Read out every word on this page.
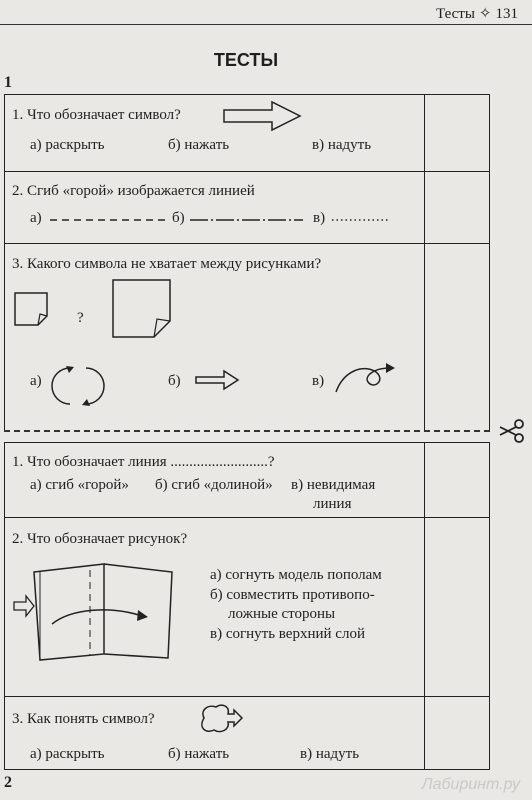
Тесты ✧ 131
ТЕСТЫ
1
1. Что обозначает символ?
а) раскрыть	б) нажать	в) надуть
2. Сгиб «горой» изображается линией
а)	б)	в)
3. Какого символа не хватает между рисунками?
?
а)	б)	в)
1. Что обозначает линия ..........................?
а) сгиб «горой» б) сгиб «долиной» в) невидимая
линия
2. Что обозначает рисунок?
а) согнуть модель пополам
б) совместить противопо-
ложные стороны
в) согнуть верхний слой
3. Как понять символ?
а) раскрыть	б) нажать	в) надуть
2	Лабиринт.ру
